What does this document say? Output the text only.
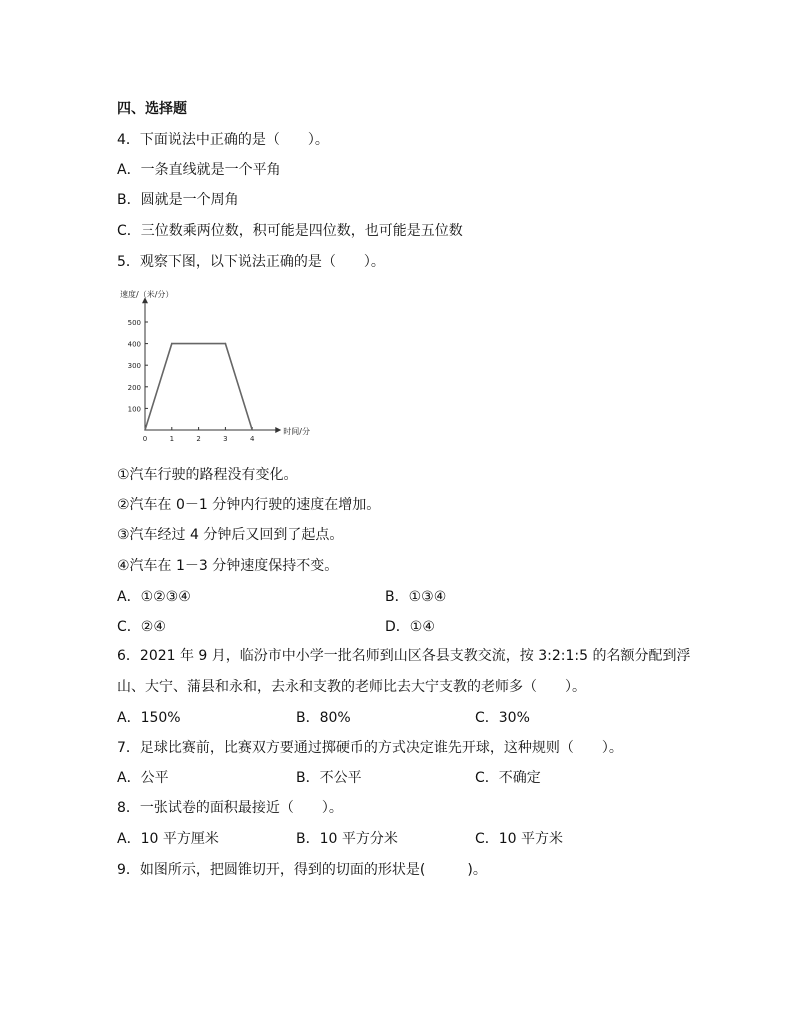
四、选择题
4．下面说法中正确的是（　　）。
A．一条直线就是一个平角
B．圆就是一个周角
C．三位数乘两位数，积可能是四位数，也可能是五位数
5．观察下图，以下说法正确的是（　　）。
100
200
300
400
500
0	1	2	3	4
速度/（米/分）
时间/分
①汽车行驶的路程没有变化。
②汽车在 0－1 分钟内行驶的速度在增加。
③汽车经过 4 分钟后又回到了起点。
④汽车在 1－3 分钟速度保持不变。
A．①②③④	B．①③④
C．②④	D．①④
6．2021 年 9 月，临汾市中小学一批名师到山区各县支教交流，按 3:2:1:5 的名额分配到浮
山、大宁、蒲县和永和，去永和支教的老师比去大宁支教的老师多（　　）。
A．150%	B．80%	C．30%
7．足球比赛前，比赛双方要通过掷硬币的方式决定谁先开球，这种规则（　　）。
A．公平	B．不公平	C．不确定
8．一张试卷的面积最接近（　　）。
A．10 平方厘米	B．10 平方分米	C．10 平方米
9．如图所示，把圆锥切开，得到的切面的形状是(　　　)。
